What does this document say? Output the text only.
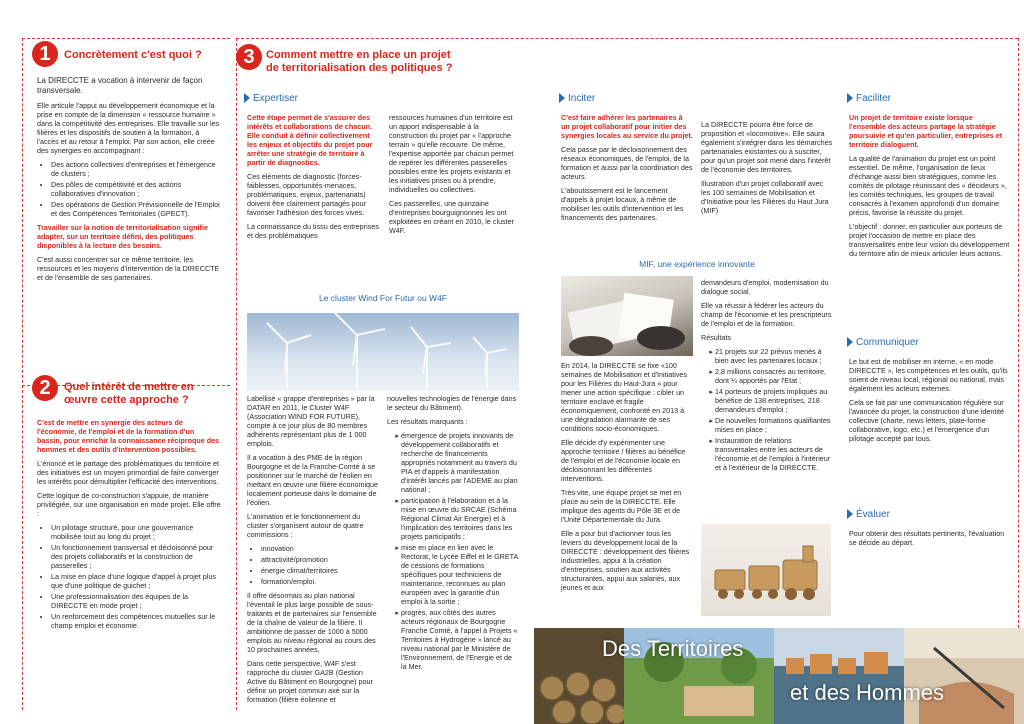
1	Concrètement c'est quoi ?

La DIRECCTE a vocation à intervenir de façon transversale.

Elle articule l'appui au développement économique et la prise en compte de la dimension « ressource humaine » dans la compétitivité des entreprises. Elle travaille sur les filières et les dispositifs de soutien à la formation, à l'accès et au retour à l'emploi. Par son action, elle créée des synergies en accompagnant :

• Des actions collectives d'entreprises et l'émergence de clusters ;
• Des pôles de compétitivité et des actions collaboratives d'innovation ;
• Des opérations de Gestion Prévisionnelle de l'Emploi et des Compétences Territoriales (GPECT).

Travailler sur la notion de territorialisation signifie adapter, sur un territoire défini, des politiques disponibles à la lecture des besoins.

C'est aussi concentrer sur ce même territoire, les ressources et les moyens d'intervention de la DIRECCTE et de l'ensemble de ses partenaires.

2	Quel intérêt de mettre en œuvre cette approche ?

C'est de mettre en synergie des acteurs de l'économie, de l'emploi et de la formation d'un bassin, pour enrichir la connaissance réciproque des hommes et des outils d'intervention possibles.

L'énoncé et le partage des problématiques du territoire et des initiatives est un moyen primordial de faire converger les intérêts pour démultiplier l'efficacité des interventions.

Cette logique de co-construction s'appuie, de manière privilégiée, sur une organisation en mode projet. Elle offre :

• Un pilotage structuré, pour une gouvernance mobilisée tout au long du projet ;
• Un fonctionnement transversal et décloisonné pour des projets collaboratifs et la construction de passerelles ;
• La mise en place d'une logique d'appel à projet plus que d'une politique de guichet ;
• Une professionnalisation des équipes de la DIRECCTE en mode projet ;
• Un renforcement des compétences mutuelles sur le champ emploi et économie.
3	Comment mettre en place un projet de territorialisation des politiques ?
Expertiser

Cette étape permet de s'assurer des intérêts et collaborations de chacun. Elle conduit à définir collectivement les enjeux et objectifs du projet pour arrêter une stratégie de territoire à partir de diagnostics.

Ces éléments de diagnostic (forces-faiblesses, opportunités-menaces, problématiques, enjeux, partenariats) doivent être clairement partagés pour favoriser l'adhésion des forces vives.

La connaissance du tissu des entreprises et des problématiques

ressources humaines d'un territoire est un apport indispensable à la construction du projet par « l'approche terrain » qu'elle recouvre. De même, l'expertise apportée par chacun permet de repérer les différentes passerelles possibles entre les projets existants et les initiatives prises ou à prendre, individuelles ou collectives.

Ces passerelles, une quinzaine d'entreprises bourguignonnes les ont exploitées en créant en 2010, le cluster W4F.

Le cluster Wind For Futur ou W4F

Labellisé « grappe d'entreprises » par la DATAR en 2011, le Cluster W4F (Association WIND FOR FUTURE), compte à ce jour plus de 80 membres adhérents représentant plus de 1 000 emplois.

Il a vocation à des PME de la région Bourgogne et de la Franche-Comté à se positionner sur le marché de l'éolien en mettant en œuvre une filière économique localement porteuse dans le domaine de l'éolien.

L'animation et le fonctionnement du cluster s'organisent autour de quatre commissions :

• innovation
• attractivité/promotion
• énergie climat/territoires
• formation/emploi.

Il offre désormais au plan national l'éventail le plus large possible de sous-traitants et de partenaires sur l'ensemble de la chaîne de valeur de la filière. Il ambitionne de passer de 1000 à 5000 emplois au niveau régional au cours des 10 prochaines années.

Dans cette perspective, W4F s'est rapproché du cluster GA2B (Gestion Active du Bâtiment en Bourgogne) pour définir un projet commun axé sur la formation (filière éolienne et

nouvelles technologies de l'énergie dans le secteur du Bâtiment).

Les résultats marquants :

▸ émergence de projets innovants de développement collaboratifs et recherche de financements appropriés notamment au travers du PIA et d'appels à manifestation d'intérêt lancés par l'ADEME au plan national ;
▸ participation à l'élaboration et à la mise en œuvre du SRCAE (Schéma Régional Climat Air Energie) et à l'implication des territoires dans les projets participatifs ;
▸ mise en place en lien avec le Rectorat, le Lycée Eiffel et le GRETA de cessions de formations spécifiques pour techniciens de maintenance, reconnues au plan européen avec la garantie d'un emploi à la sortie ;
▸ progrès, aux côtés des autres acteurs régionaux de Bourgogne Franche Comté, à l'appel à Projets « Territoires à Hydrogène » lancé au niveau national par le Ministère de l'Environnement, de l'Energie et de la Mer.
Inciter

C'est faire adhérer les partenaires à un projet collaboratif pour initier des synergies locales au service du projet.

Cela passe par le décloisonnement des réseaux économiques, de l'emploi, de la formation et aussi par la coordination des acteurs.

L'aboutissement est le lancement d'appels à projet locaux, à même de mobiliser les outils d'intervention et les financements des partenaires.

La DIRECCTE pourra être force de proposition et «locomotive». Elle saura également s'intégrer dans les démarches partenariales existantes ou à susciter, pour qu'un projet soit mené dans l'intérêt de l'économie des territoires.

Illustration d'un projet collaboratif avec les 100 semaines de Mobilisation et d'Initiative pour les Filières du Haut Jura (MIF)

MIF, une expérience innovante

En 2014, la DIRECCTE se fixe «100 semaines de Mobilisation et d'Initiatives pour les Filières du Haut-Jura » pour mener une action spécifique : cibler un territoire enclavé et fragile économiquement, confronté en 2013 à une dégradation alarmante de ses conditions socio-économiques.

Elle décide d'y expérimenter une approche territoire / filières au bénéfice de l'emploi et de l'économie locale en décloisonnant les différentes interventions.

Très vite, une équipe projet se met en place au sein de la DIRECCTE. Elle implique des agents du Pôle 3E et de l'Unité Départementale du Jura.

Elle a pour but d'actionner tous les leviers du développement local de la DIRECCTE : développement des filières industrielles, appui à la création d'entreprises, soutien aux activités structurantes, appui aux salariés, aux jeunes et aux

demandeurs d'emploi, modernisation du dialogue social.

Elle va réussir à fédérer les acteurs du champ de l'économie et les prescripteurs de l'emploi et de la formation.

Résultats

▸ 21 projets sur 22 prévus menés à bien avec les partenaires locaux ;
▸ 2,8 millions consacrés au territoire, dont ¼ apportés par l'Etat ;
▸ 14 porteurs de projets impliqués au bénéfice de 138 entreprises, 218 demandeurs d'emploi ;
▸ De nouvelles formations qualifiantes mises en place ;
▸ Instauration de relations transversales entre les acteurs de l'économie et de l'emploi à l'intérieur et à l'extérieur de la DIRECCTE.
Faciliter

Un projet de territoire existe lorsque l'ensemble des acteurs partage la stratégie poursuivie et qu'en particulier, entreprises et territoire dialoguent.

La qualité de l'animation du projet est un point essentiel. De même, l'organisation de lieux d'échange aussi bien stratégiques, comme les comités de pilotage réunissant des « décideurs », les comités techniques, les groupes de travail consacrés à l'examen approfondi d'un domaine précis, favorise la réussite du projet.

L'objectif : donner, en particulier aux porteurs de projet l'occasion de mettre en place des transversalités entre leur vision du développement du territoire afin de mieux articuler leurs actions.

Communiquer

Le but est de mobiliser en interne, « en mode DIRECCTE », les compétences et les outils, qu'ils soient de niveau local, régional ou national, mais également les acteurs externes.

Cela se fait par une communication régulière sur l'avancée du projet, la construction d'une identité collective (charte, news letters, plate-forme collaborative, logo, etc.) et l'émergence d'un pilotage accepté par tous.

Évaluer

Pour obtenir des résultats pertinents, l'évaluation se décide au départ.

Des Territoires
et des Hommes
